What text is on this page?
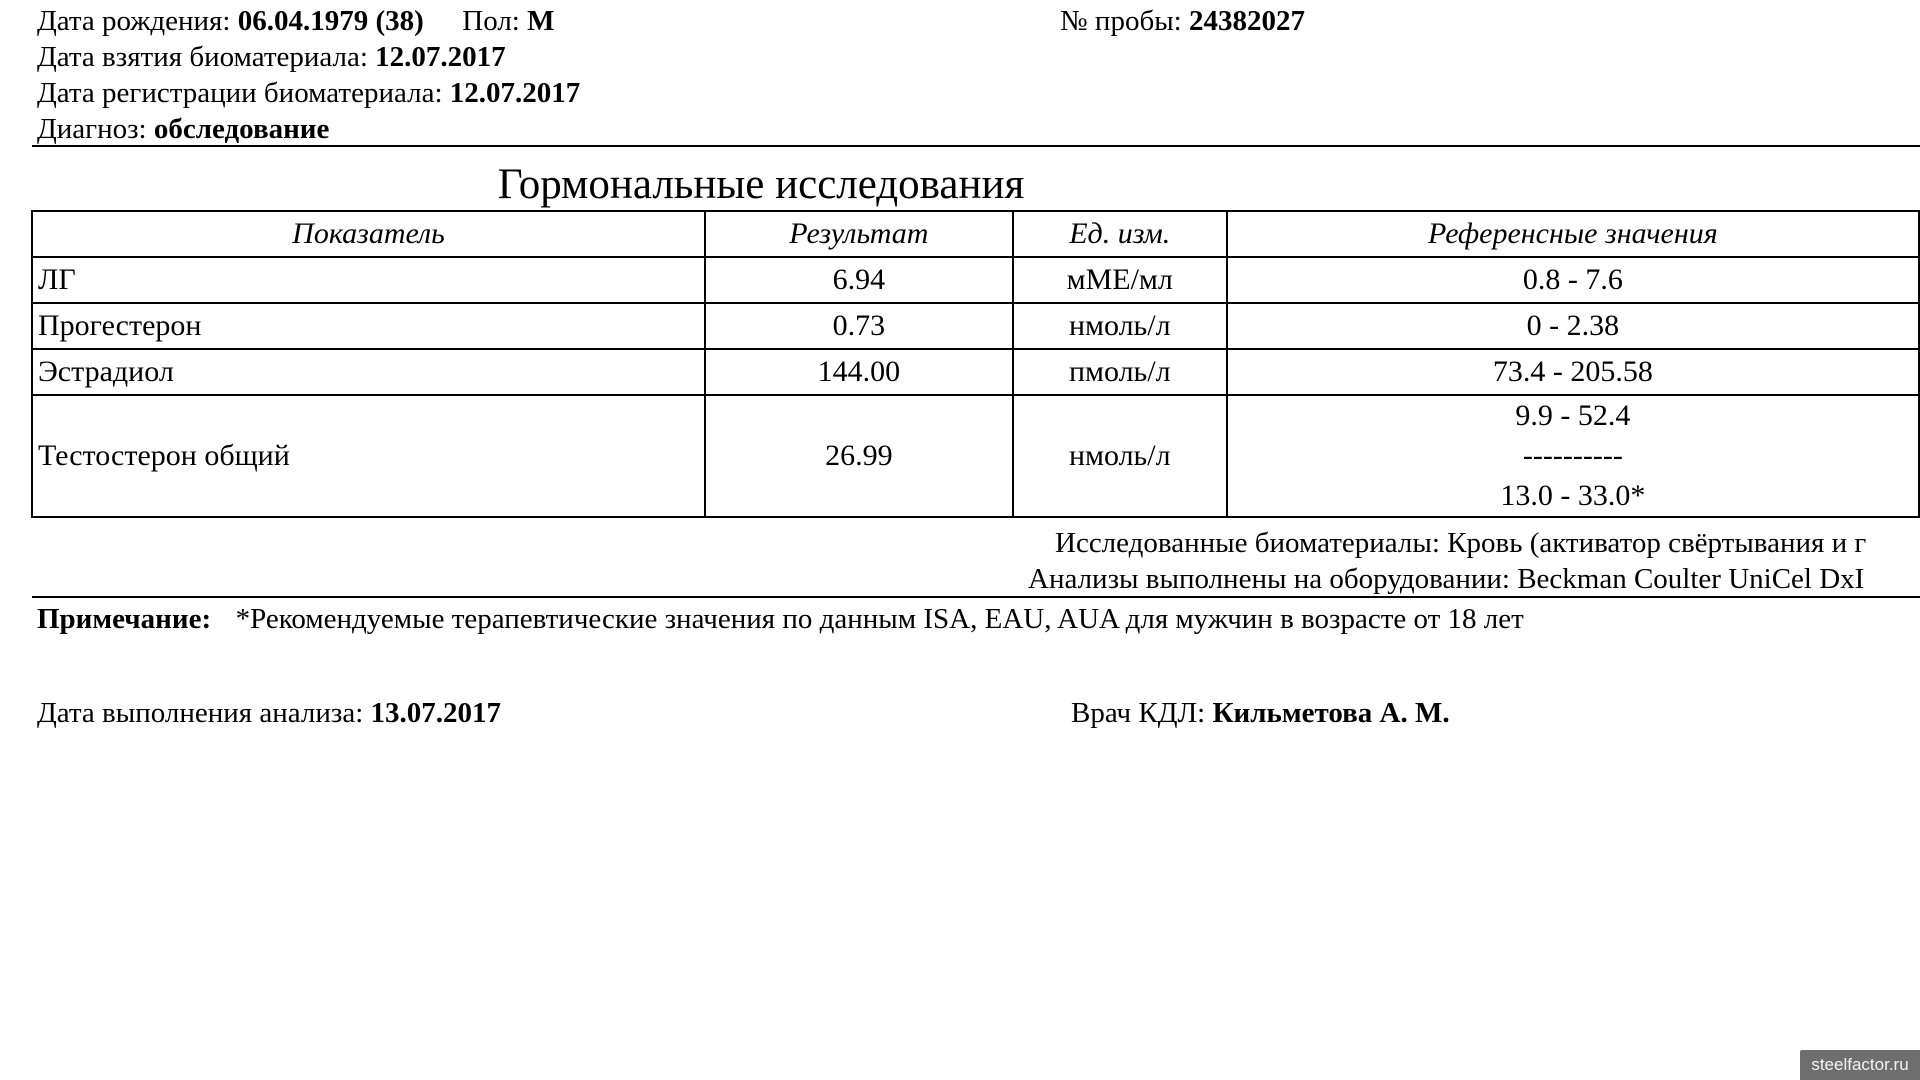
Дата рождения: 06.04.1979 (38) Пол: М	№ пробы: 24382027
Дата взятия биоматериала: 12.07.2017
Дата регистрации биоматериала: 12.07.2017
Диагноз: обследование
Гормональные исследования
Показатель	Результат	Ед. изм.	Референсные значения
ЛГ	6.94	мМЕ/мл	0.8 - 7.6
Прогестерон	0.73	нмоль/л	0 - 2.38
Эстрадиол	144.00	пмоль/л	73.4 - 205.58
Тестостерон общий	26.99	нмоль/л	9.9 - 52.4
----------
13.0 - 33.0*
Исследованные биоматериалы: Кровь (активатор свёртывания и г
Анализы выполнены на оборудовании: Beckman Coulter UniCel DxI
Примечание: *Рекомендуемые терапевтические значения по данным ISA, EAU, AUA для мужчин в возрасте от 18 лет
Дата выполнения анализа: 13.07.2017	Врач КДЛ: Кильметова А. М.
steelfactor.ru
